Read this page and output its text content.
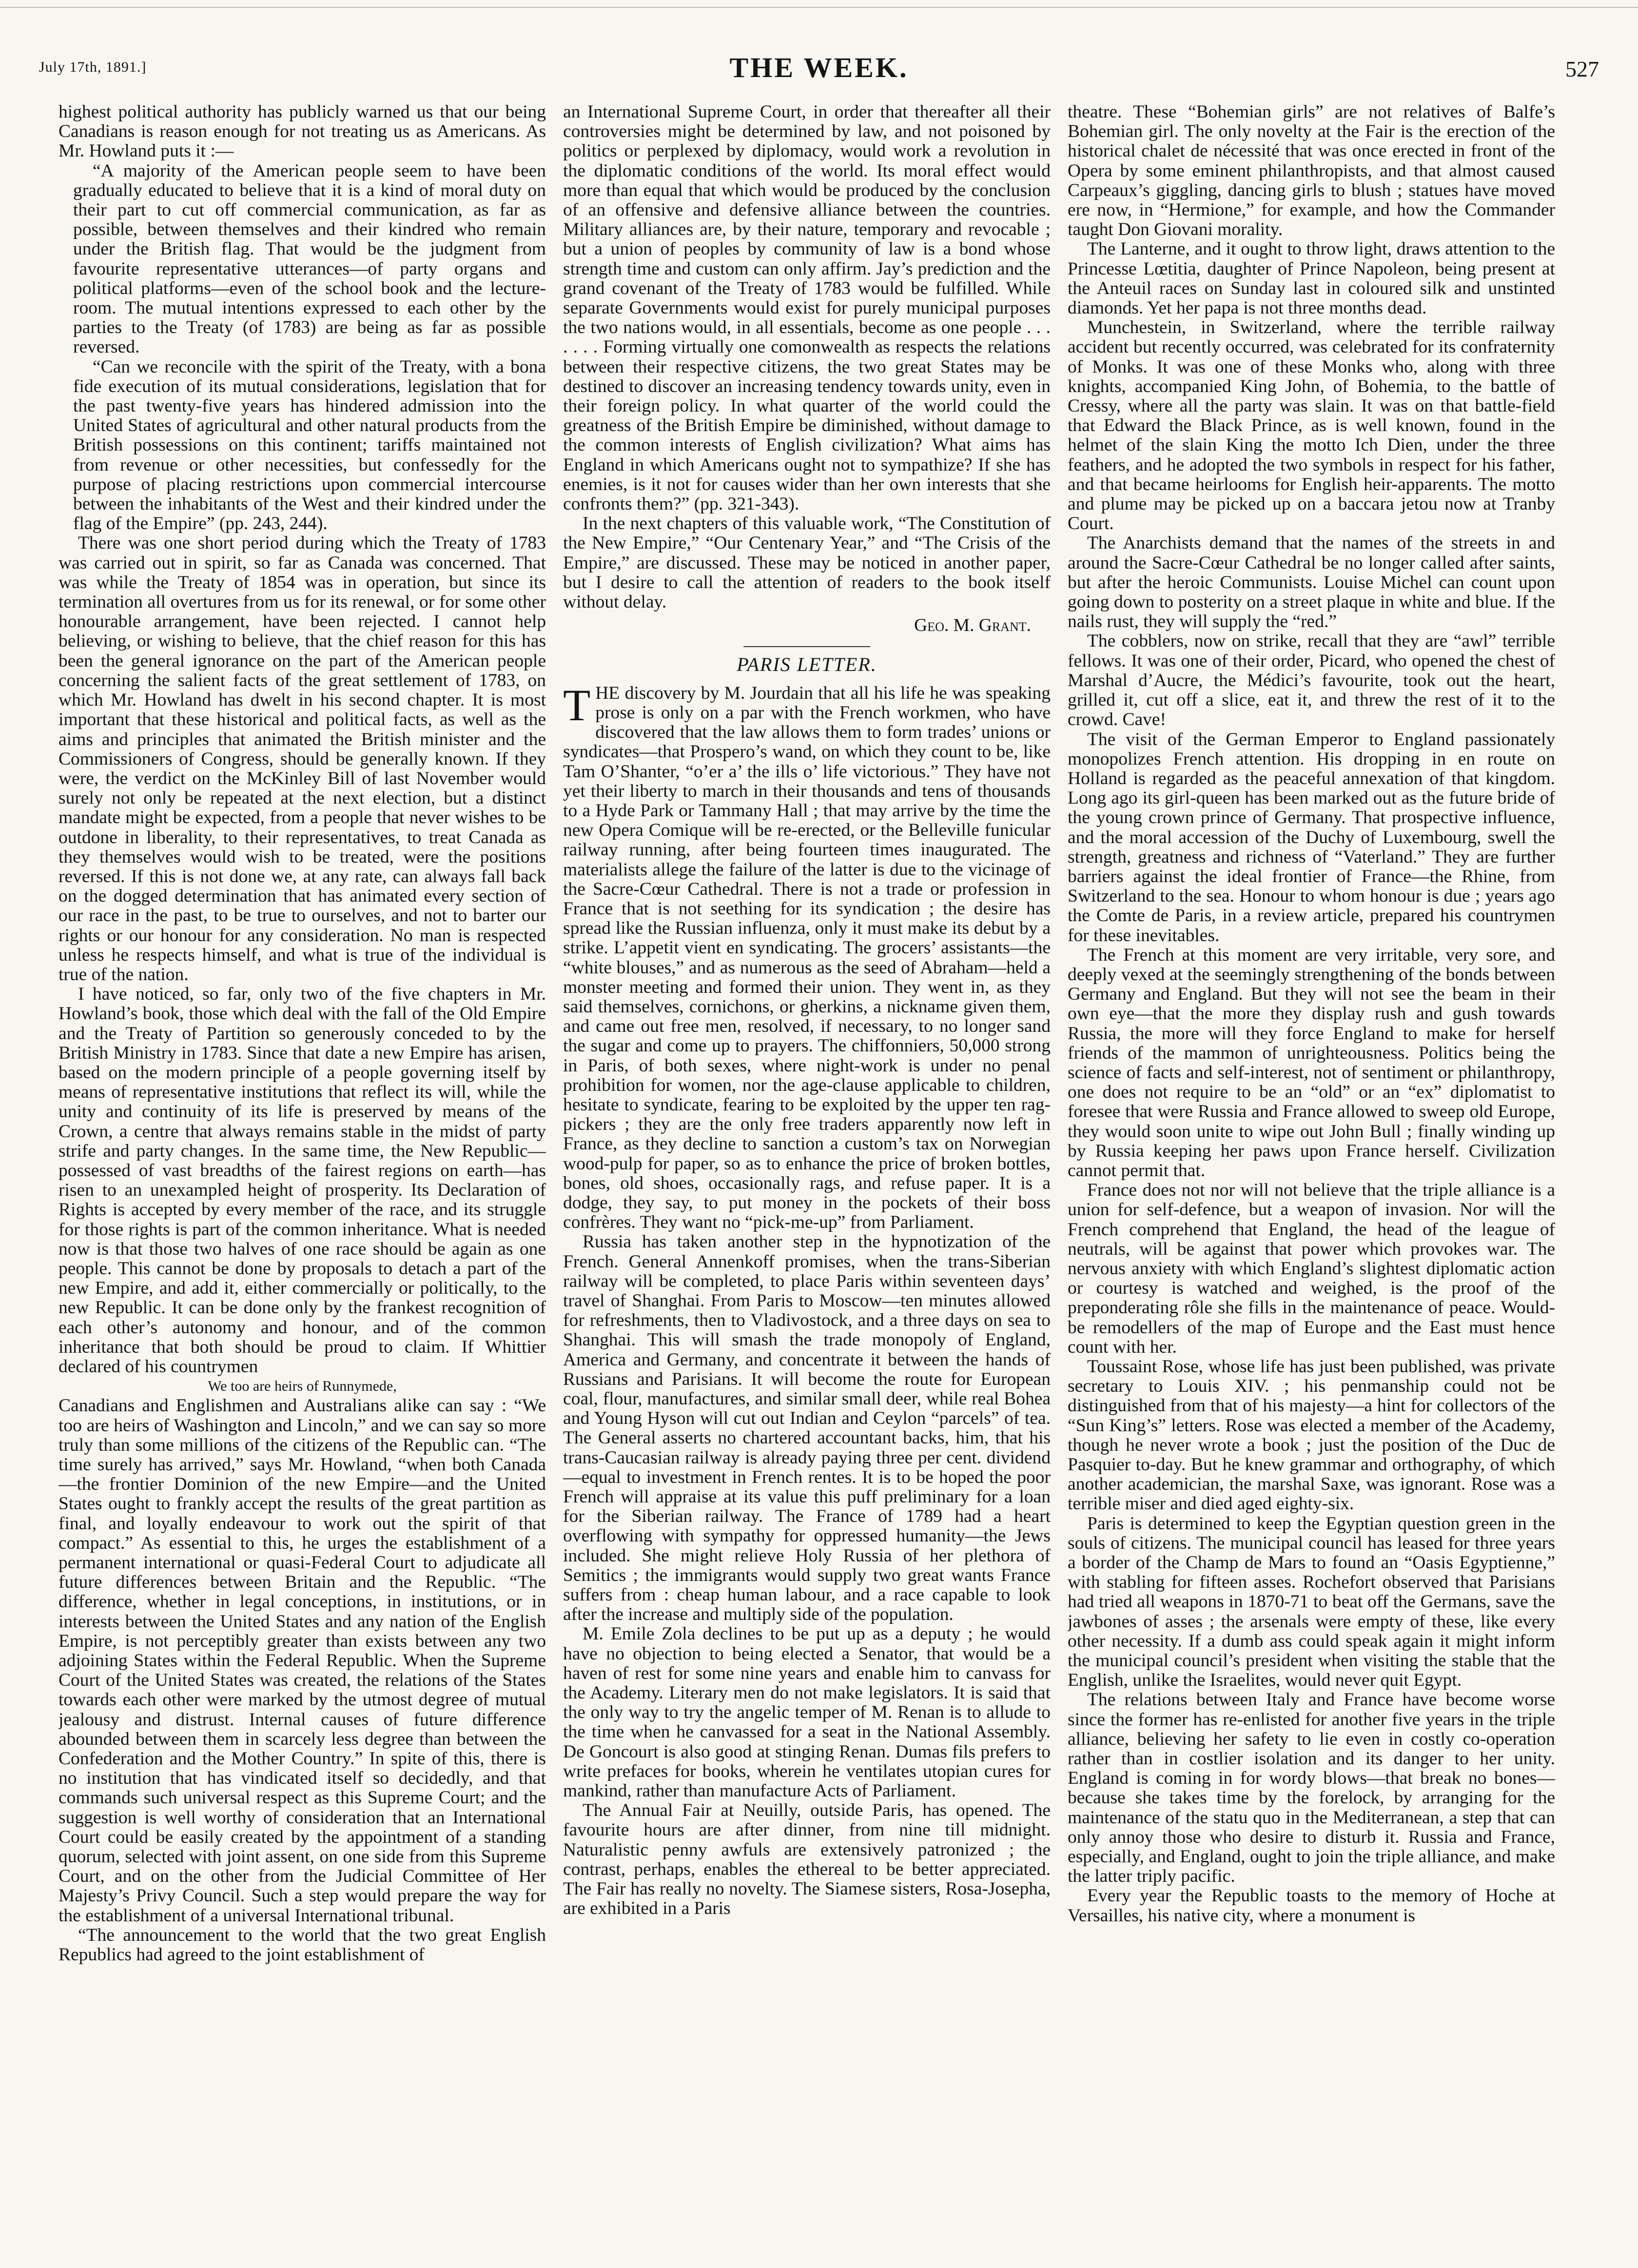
THE WEEK.
July 17th, 1891.]	527

highest political authority has publicly warned us that our being Canadians is reason enough for not treating us as Americans. As Mr. Howland puts it :—

“A majority of the American people seem to have been gradually educated to believe that it is a kind of moral duty on their part to cut off commercial communication, as far as possible, between themselves and their kindred who remain under the British flag. That would be the judgment from favourite representative utterances—of party organs and political platforms—even of the school book and the lecture-room. The mutual intentions expressed to each other by the parties to the Treaty (of 1783) are being as far as possible reversed.

“Can we reconcile with the spirit of the Treaty, with a bona fide execution of its mutual considerations, legislation that for the past twenty-five years has hindered admission into the United States of agricultural and other natural products from the British possessions on this continent; tariffs maintained not from revenue or other necessities, but confessedly for the purpose of placing restrictions upon commercial intercourse between the inhabitants of the West and their kindred under the flag of the Empire” (pp. 243, 244).

There was one short period during which the Treaty of 1783 was carried out in spirit, so far as Canada was concerned. That was while the Treaty of 1854 was in operation, but since its termination all overtures from us for its renewal, or for some other honourable arrangement, have been rejected. I cannot help believing, or wishing to believe, that the chief reason for this has been the general ignorance on the part of the American people concerning the salient facts of the great settlement of 1783, on which Mr. Howland has dwelt in his second chapter. It is most important that these historical and political facts, as well as the aims and principles that animated the British minister and the Commissioners of Congress, should be generally known. If they were, the verdict on the McKinley Bill of last November would surely not only be repeated at the next election, but a distinct mandate might be expected, from a people that never wishes to be outdone in liberality, to their representatives, to treat Canada as they themselves would wish to be treated, were the positions reversed. If this is not done we, at any rate, can always fall back on the dogged determination that has animated every section of our race in the past, to be true to ourselves, and not to barter our rights or our honour for any consideration. No man is respected unless he respects himself, and what is true of the individual is true of the nation.

I have noticed, so far, only two of the five chapters in Mr. Howland’s book, those which deal with the fall of the Old Empire and the Treaty of Partition so generously conceded to by the British Ministry in 1783. Since that date a new Empire has arisen, based on the modern principle of a people governing itself by means of representative institutions that reflect its will, while the unity and continuity of its life is preserved by means of the Crown, a centre that always remains stable in the midst of party strife and party changes. In the same time, the New Republic—possessed of vast breadths of the fairest regions on earth—has risen to an unexampled height of prosperity. Its Declaration of Rights is accepted by every member of the race, and its struggle for those rights is part of the common inheritance. What is needed now is that those two halves of one race should be again as one people. This cannot be done by proposals to detach a part of the new Empire, and add it, either commercially or politically, to the new Republic. It can be done only by the frankest recognition of each other’s autonomy and honour, and of the common inheritance that both should be proud to claim. If Whittier declared of his countrymen

We too are heirs of Runnymede,

Canadians and Englishmen and Australians alike can say : “We too are heirs of Washington and Lincoln,” and we can say so more truly than some millions of the citizens of the Republic can. “The time surely has arrived,” says Mr. Howland, “when both Canada—the frontier Dominion of the new Empire—and the United States ought to frankly accept the results of the great partition as final, and loyally endeavour to work out the spirit of that compact.” As essential to this, he urges the establishment of a permanent international or quasi-Federal Court to adjudicate all future differences between Britain and the Republic. “The difference, whether in legal conceptions, in institutions, or in interests between the United States and any nation of the English Empire, is not perceptibly greater than exists between any two adjoining States within the Federal Republic. When the Supreme Court of the United States was created, the relations of the States towards each other were marked by the utmost degree of mutual jealousy and distrust. Internal causes of future difference abounded between them in scarcely less degree than between the Confederation and the Mother Country.” In spite of this, there is no institution that has vindicated itself so decidedly, and that commands such universal respect as this Supreme Court; and the suggestion is well worthy of consideration that an International Court could be easily created by the appointment of a standing quorum, selected with joint assent, on one side from this Supreme Court, and on the other from the Judicial Committee of Her Majesty’s Privy Council. Such a step would prepare the way for the establishment of a universal International tribunal.

“The announcement to the world that the two great English Republics had agreed to the joint establishment of

an International Supreme Court, in order that thereafter all their controversies might be determined by law, and not poisoned by politics or perplexed by diplomacy, would work a revolution in the diplomatic conditions of the world. Its moral effect would more than equal that which would be produced by the conclusion of an offensive and defensive alliance between the countries. Military alliances are, by their nature, temporary and revocable ; but a union of peoples by community of law is a bond whose strength time and custom can only affirm. Jay’s prediction and the grand covenant of the Treaty of 1783 would be fulfilled. While separate Governments would exist for purely municipal purposes the two nations would, in all essentials, become as one people . . . . . . . Forming virtually one comonwealth as respects the relations between their respective citizens, the two great States may be destined to discover an increasing tendency towards unity, even in their foreign policy. In what quarter of the world could the greatness of the British Empire be diminished, without damage to the common interests of English civilization? What aims has England in which Americans ought not to sympathize? If she has enemies, is it not for causes wider than her own interests that she confronts them?” (pp. 321-343).

In the next chapters of this valuable work, “The Constitution of the New Empire,” “Our Centenary Year,” and “The Crisis of the Empire,” are discussed. These may be noticed in another paper, but I desire to call the attention of readers to the book itself without delay.

Geo. M. Grant.

PARIS LETTER.

THE discovery by M. Jourdain that all his life he was speaking prose is only on a par with the French workmen, who have discovered that the law allows them to form trades’ unions or syndicates—that Prospero’s wand, on which they count to be, like Tam O’Shanter, “o’er a’ the ills o’ life victorious.” They have not yet their liberty to march in their thousands and tens of thousands to a Hyde Park or Tammany Hall ; that may arrive by the time the new Opera Comique will be re-erected, or the Belleville funicular railway running, after being fourteen times inaugurated. The materialists allege the failure of the latter is due to the vicinage of the Sacre-Cœur Cathedral. There is not a trade or profession in France that is not seething for its syndication ; the desire has spread like the Russian influenza, only it must make its debut by a strike. L’appetit vient en syndicating. The grocers’ assistants—the “white blouses,” and as numerous as the seed of Abraham—held a monster meeting and formed their union. They went in, as they said themselves, cornichons, or gherkins, a nickname given them, and came out free men, resolved, if necessary, to no longer sand the sugar and come up to prayers. The chiffonniers, 50,000 strong in Paris, of both sexes, where night-work is under no penal prohibition for women, nor the age-clause applicable to children, hesitate to syndicate, fearing to be exploited by the upper ten rag-pickers ; they are the only free traders apparently now left in France, as they decline to sanction a custom’s tax on Norwegian wood-pulp for paper, so as to enhance the price of broken bottles, bones, old shoes, occasionally rags, and refuse paper. It is a dodge, they say, to put money in the pockets of their boss confrères. They want no “pick-me-up” from Parliament.

Russia has taken another step in the hypnotization of the French. General Annenkoff promises, when the trans-Siberian railway will be completed, to place Paris within seventeen days’ travel of Shanghai. From Paris to Moscow—ten minutes allowed for refreshments, then to Vladivostock, and a three days on sea to Shanghai. This will smash the trade monopoly of England, America and Germany, and concentrate it between the hands of Russians and Parisians. It will become the route for European coal, flour, manufactures, and similar small deer, while real Bohea and Young Hyson will cut out Indian and Ceylon “parcels” of tea. The General asserts no chartered accountant backs, him, that his trans-Caucasian railway is already paying three per cent. dividend—equal to investment in French rentes. It is to be hoped the poor French will appraise at its value this puff preliminary for a loan for the Siberian railway. The France of 1789 had a heart overflowing with sympathy for oppressed humanity—the Jews included. She might relieve Holy Russia of her plethora of Semitics ; the immigrants would supply two great wants France suffers from : cheap human labour, and a race capable to look after the increase and multiply side of the population.

M. Emile Zola declines to be put up as a deputy ; he would have no objection to being elected a Senator, that would be a haven of rest for some nine years and enable him to canvass for the Academy. Literary men do not make legislators. It is said that the only way to try the angelic temper of M. Renan is to allude to the time when he canvassed for a seat in the National Assembly. De Goncourt is also good at stinging Renan. Dumas fils prefers to write prefaces for books, wherein he ventilates utopian cures for mankind, rather than manufacture Acts of Parliament.

The Annual Fair at Neuilly, outside Paris, has opened. The favourite hours are after dinner, from nine till midnight. Naturalistic penny awfuls are extensively patronized ; the contrast, perhaps, enables the ethereal to be better appreciated. The Fair has really no novelty. The Siamese sisters, Rosa-Josepha, are exhibited in a Paris

theatre. These “Bohemian girls” are not relatives of Balfe’s Bohemian girl. The only novelty at the Fair is the erection of the historical chalet de nécessité that was once erected in front of the Opera by some eminent philanthropists, and that almost caused Carpeaux’s giggling, dancing girls to blush ; statues have moved ere now, in “Hermione,” for example, and how the Commander taught Don Giovani morality.

The Lanterne, and it ought to throw light, draws attention to the Princesse Lœtitia, daughter of Prince Napoleon, being present at the Anteuil races on Sunday last in coloured silk and unstinted diamonds. Yet her papa is not three months dead.

Munchestein, in Switzerland, where the terrible railway accident but recently occurred, was celebrated for its confraternity of Monks. It was one of these Monks who, along with three knights, accompanied King John, of Bohemia, to the battle of Cressy, where all the party was slain. It was on that battle-field that Edward the Black Prince, as is well known, found in the helmet of the slain King the motto Ich Dien, under the three feathers, and he adopted the two symbols in respect for his father, and that became heirlooms for English heir-apparents. The motto and plume may be picked up on a baccara jetou now at Tranby Court.

The Anarchists demand that the names of the streets in and around the Sacre-Cœur Cathedral be no longer called after saints, but after the heroic Communists. Louise Michel can count upon going down to posterity on a street plaque in white and blue. If the nails rust, they will supply the “red.”

The cobblers, now on strike, recall that they are “awl” terrible fellows. It was one of their order, Picard, who opened the chest of Marshal d’Aucre, the Médici’s favourite, took out the heart, grilled it, cut off a slice, eat it, and threw the rest of it to the crowd. Cave!

The visit of the German Emperor to England passionately monopolizes French attention. His dropping in en route on Holland is regarded as the peaceful annexation of that kingdom. Long ago its girl-queen has been marked out as the future bride of the young crown prince of Germany. That prospective influence, and the moral accession of the Duchy of Luxembourg, swell the strength, greatness and richness of “Vaterland.” They are further barriers against the ideal frontier of France—the Rhine, from Switzerland to the sea. Honour to whom honour is due ; years ago the Comte de Paris, in a review article, prepared his countrymen for these inevitables.

The French at this moment are very irritable, very sore, and deeply vexed at the seemingly strengthening of the bonds between Germany and England. But they will not see the beam in their own eye—that the more they display rush and gush towards Russia, the more will they force England to make for herself friends of the mammon of unrighteousness. Politics being the science of facts and self-interest, not of sentiment or philanthropy, one does not require to be an “old” or an “ex” diplomatist to foresee that were Russia and France allowed to sweep old Europe, they would soon unite to wipe out John Bull ; finally winding up by Russia keeping her paws upon France herself. Civilization cannot permit that.

France does not nor will not believe that the triple alliance is a union for self-defence, but a weapon of invasion. Nor will the French comprehend that England, the head of the league of neutrals, will be against that power which provokes war. The nervous anxiety with which England’s slightest diplomatic action or courtesy is watched and weighed, is the proof of the preponderating rôle she fills in the maintenance of peace. Would-be remodellers of the map of Europe and the East must hence count with her.

Toussaint Rose, whose life has just been published, was private secretary to Louis XIV. ; his penmanship could not be distinguished from that of his majesty—a hint for collectors of the “Sun King’s” letters. Rose was elected a member of the Academy, though he never wrote a book ; just the position of the Duc de Pasquier to-day. But he knew grammar and orthography, of which another academician, the marshal Saxe, was ignorant. Rose was a terrible miser and died aged eighty-six.

Paris is determined to keep the Egyptian question green in the souls of citizens. The municipal council has leased for three years a border of the Champ de Mars to found an “Oasis Egyptienne,” with stabling for fifteen asses. Rochefort observed that Parisians had tried all weapons in 1870-71 to beat off the Germans, save the jawbones of asses ; the arsenals were empty of these, like every other necessity. If a dumb ass could speak again it might inform the municipal council’s president when visiting the stable that the English, unlike the Israelites, would never quit Egypt.

The relations between Italy and France have become worse since the former has re-enlisted for another five years in the triple alliance, believing her safety to lie even in costly co-operation rather than in costlier isolation and its danger to her unity. England is coming in for wordy blows—that break no bones—because she takes time by the forelock, by arranging for the maintenance of the statu quo in the Mediterranean, a step that can only annoy those who desire to disturb it. Russia and France, especially, and England, ought to join the triple alliance, and make the latter triply pacific.

Every year the Republic toasts to the memory of Hoche at Versailles, his native city, where a monument is
